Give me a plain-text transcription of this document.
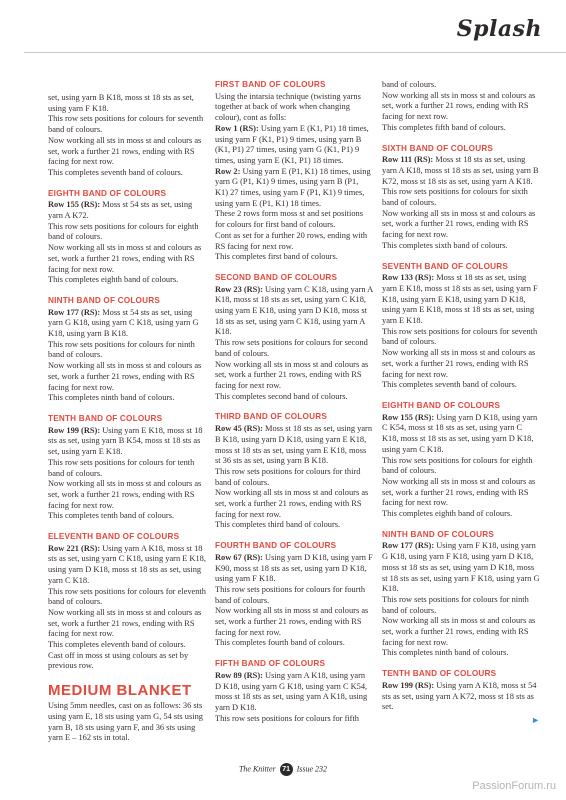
Splash

set, using yarn B K18, moss st 18 sts as set, using yarn F K18.

This row sets positions for colours for seventh band of colours.

Now working all sts in moss st and colours as set, work a further 21 rows, ending with RS facing for next row.

This completes seventh band of colours.

EIGHTH BAND OF COLOURS

Row 155 (RS): Moss st 54 sts as set, using yarn A K72.

This row sets positions for colours for eighth band of colours.

Now working all sts in moss st and colours as set, work a further 21 rows, ending with RS facing for next row.

This completes eighth band of colours.

NINTH BAND OF COLOURS

Row 177 (RS): Moss st 54 sts as set, using yarn G K18, using yarn C K18, using yarn G K18, using yarn B K18.

This row sets positions for colours for ninth band of colours.

Now working all sts in moss st and colours as set, work a further 21 rows, ending with RS facing for next row.

This completes ninth band of colours.

TENTH BAND OF COLOURS

Row 199 (RS): Using yarn E K18, moss st 18 sts as set, using yarn B K54, moss st 18 sts as set, using yarn E K18.

This row sets positions for colours for tenth band of colours.

Now working all sts in moss st and colours as set, work a further 21 rows, ending with RS facing for next row.

This completes tenth band of colours.

ELEVENTH BAND OF COLOURS

Row 221 (RS): Using yarn A K18, moss st 18 sts as set, using yarn C K18, using yarn E K18, using yarn D K18, moss st 18 sts as set, using yarn C K18.

This row sets positions for colours for eleventh band of colours.

Now working all sts in moss st and colours as set, work a further 21 rows, ending with RS facing for next row.

This completes eleventh band of colours.

Cast off in moss st using colours as set by previous row.

MEDIUM BLANKET

Using 5mm needles, cast on as follows: 36 sts using yarn E, 18 sts using yarn G, 54 sts using yarn B, 18 sts using yarn F, and 36 sts using yarn E – 162 sts in total.

FIRST BAND OF COLOURS

Using the intarsia technique (twisting yarns together at back of work when changing colour), cont as folls:

Row 1 (RS): Using yarn E (K1, P1) 18 times, using yarn F (K1, P1) 9 times, using yarn B (K1, P1) 27 times, using yarn G (K1, P1) 9 times, using yarn E (K1, P1) 18 times.

Row 2: Using yarn E (P1, K1) 18 times, using yarn G (P1, K1) 9 times, using yarn B (P1, K1) 27 times, using yarn F (P1, K1) 9 times, using yarn E (P1, K1) 18 times.

These 2 rows form moss st and set positions for colours for first band of colours.

Cont as set for a further 20 rows, ending with RS facing for next row.

This completes first band of colours.

SECOND BAND OF COLOURS

Row 23 (RS): Using yarn C K18, using yarn A K18, moss st 18 sts as set, using yarn C K18, using yarn E K18, using yarn D K18, moss st 18 sts as set, using yarn C K18, using yarn A K18.

This row sets positions for colours for second band of colours.

Now working all sts in moss st and colours as set, work a further 21 rows, ending with RS facing for next row.

This completes second band of colours.

THIRD BAND OF COLOURS

Row 45 (RS): Moss st 18 sts as set, using yarn B K18, using yarn D K18, using yarn E K18, moss st 18 sts as set, using yarn E K18, moss st 36 sts as set, using yarn B K18.

This row sets positions for colours for third band of colours.

Now working all sts in moss st and colours as set, work a further 21 rows, ending with RS facing for next row.

This completes third band of colours.

FOURTH BAND OF COLOURS

Row 67 (RS): Using yarn D K18, using yarn F K90, moss st 18 sts as set, using yarn D K18, using yarn F K18.

This row sets positions for colours for fourth band of colours.

Now working all sts in moss st and colours as set, work a further 21 rows, ending with RS facing for next row.

This completes fourth band of colours.

FIFTH BAND OF COLOURS

Row 89 (RS): Using yarn A K18, using yarn D K18, using yarn G K18, using yarn C K54, moss st 18 sts as set, using yarn A K18, using yarn D K18.

This row sets positions for colours for fifth

band of colours.

Now working all sts in moss st and colours as set, work a further 21 rows, ending with RS facing for next row.

This completes fifth band of colours.

SIXTH BAND OF COLOURS

Row 111 (RS): Moss st 18 sts as set, using yarn A K18, moss st 18 sts as set, using yarn B K72, moss st 18 sts as set, using yarn A K18.

This row sets positions for colours for sixth band of colours.

Now working all sts in moss st and colours as set, work a further 21 rows, ending with RS facing for next row.

This completes sixth band of colours.

SEVENTH BAND OF COLOURS

Row 133 (RS): Moss st 18 sts as set, using yarn E K18, moss st 18 sts as set, using yarn F K18, using yarn E K18, using yarn D K18, using yarn E K18, moss st 18 sts as set, using yarn E K18.

This row sets positions for colours for seventh band of colours.

Now working all sts in moss st and colours as set, work a further 21 rows, ending with RS facing for next row.

This completes seventh band of colours.

EIGHTH BAND OF COLOURS

Row 155 (RS): Using yarn D K18, using yarn C K54, moss st 18 sts as set, using yarn C K18, moss st 18 sts as set, using yarn D K18, using yarn C K18.

This row sets positions for colours for eighth band of colours.

Now working all sts in moss st and colours as set, work a further 21 rows, ending with RS facing for next row.

This completes eighth band of colours.

NINTH BAND OF COLOURS

Row 177 (RS): Using yarn F K18, using yarn G K18, using yarn F K18, using yarn D K18, moss st 18 sts as set, using yarn D K18, moss st 18 sts as set, using yarn F K18, using yarn G K18.

This row sets positions for colours for ninth band of colours.

Now working all sts in moss st and colours as set, work a further 21 rows, ending with RS facing for next row.

This completes ninth band of colours.

TENTH BAND OF COLOURS

Row 199 (RS): Using yarn A K18, moss st 54 sts as set, using yarn A K72, moss st 18 sts as set.

►
The Knitter 71 Issue 232
PassionForum.ru
